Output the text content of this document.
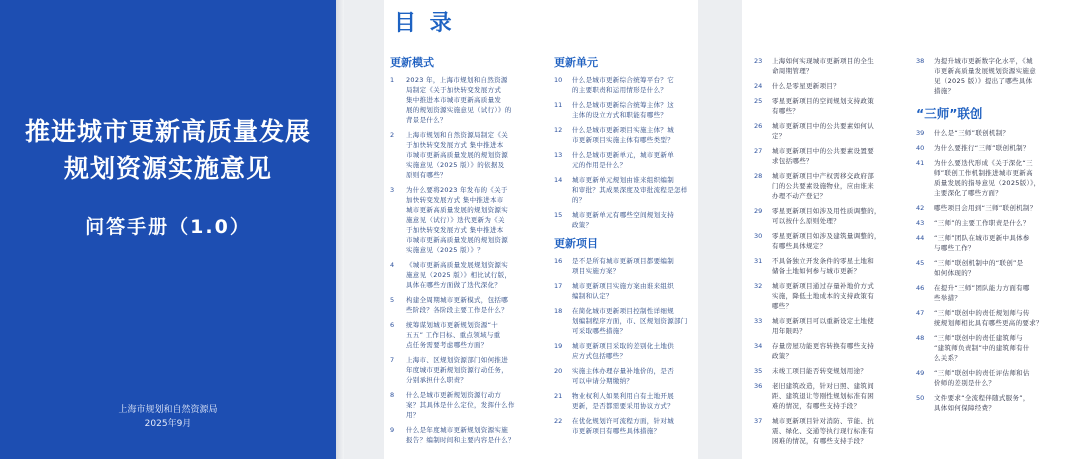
推进城市更新高质量发展
规划资源实施意见
问答手册（1.0）
上海市规划和自然资源局
2025年9月
目 录
更新模式
1	2023 年，上海市规划和自然资源
局制定《关于加快转变发展方式
集中推进本市城市更新高质量发
展的规划资源实施意见（试行）》的
背景是什么？
2	上海市规划和自然资源局制定《关
于加快转变发展方式 集中推进本
市城市更新高质量发展的规划资源
实施意见（2025 版）》的依据及
原则有哪些？
3	为什么要将2023 年发布的《关于
加快转变发展方式 集中推进本市
城市更新高质量发展的规划资源实
施意见（试行）》迭代更新为《关
于加快转变发展方式 集中推进本
市城市更新高质量发展的规划资源
实施意见（2025 版）》？
4	《城市更新高质量发展规划资源实
施意见（2025 版）》相比试行版，
具体在哪些方面做了迭代深化？
5	构建全周期城市更新模式，包括哪
些阶段？各阶段主要工作是什么？
6	统筹谋划城市更新规划资源“十
五五” 工作目标、重点领域与重
点任务需要考虑哪些方面？
7	上海市、区规划资源部门如何推进
年度城市更新规划资源行动任务，
分别承担什么职责？
8	什么是城市更新规划资源行动方
案？其具体是什么定位，发挥什么作
用？
9	什么是年度城市更新规划资源实施
报告？编制时间和主要内容是什么？
更新单元
10	什么是城市更新综合统筹平台？它
的主要职责和运用情形是什么？
11	什么是城市更新综合统筹主体？这
主体的设立方式和职能有哪些？
12	什么是城市更新项目实施主体？城
市更新项目实施主体有哪些类型？
13	什么是城市更新单元，城市更新单
元的作用是什么？
14	城市更新单元规划由谁来组织编制
和审批？其成果深度及审批流程是怎样的？
15	城市更新单元有哪些空间规划支持
政策？
更新项目
16	是不是所有城市更新项目都要编制
项目实施方案？
17	城市更新项目实施方案由谁来组织
编制和认定？
18	在简化城市更新项目控制性详细规
划编制程序方面，市、区规划资源部门
可采取哪些措施？
19	城市更新项目采取的差别化土地供
应方式包括哪些？
20	实施主体办理存量补地价的，是否
可以申请分期缴纳？
21	物业权利人如果利用自有土地开展
更新，是否都需要采用协议方式？
22	在优化规划许可流程方面，针对城
市更新项目有哪些具体措施？
23	上海如何实现城市更新项目的全生
命周期管理？
24	什么是零星更新项目？
25	零星更新项目的空间规划支持政策
有哪些？
26	城市更新项目中的公共要素如何认
定？
27	城市更新项目中的公共要素设置要
求包括哪些？
28	城市更新项目中产权需移交政府部
门的公共要素设施物业，应由谁来
办理不动产登记？
29	零星更新项目如涉及用性质调整的，
可以按什么原则处理？
30	零星更新项目如涉及建筑量调整的，
有哪些具体规定？
31	不具备独立开发条件的零星土地和
储备土地如何参与城市更新？
32	城市更新项目通过存量补地价方式
实施，降低土地成本的支持政策有
哪些？
33	城市更新项目可以重新设定土地使
用年限吗？
34	存量房屋功能更容转换有哪些支持
政策？
35	未竣工项目能否转变规划用途？
36	老旧建筑改造，针对日照、建筑间
距、建筑退让等刚性规划标准有困
难的情况，有哪些支持手段？
37	城市更新项目针对消防、节能、抗
震、绿化、交通等执行现行标准有
困难的情况，有哪些支持手段？
38	为提升城市更新数字化水平，《城
市更新高质量发展规划资源实施意
见（2025 版）》提出了哪些具体
措施？
“三师”联创
39	什么是“三师”联创机制？
40	为什么要推行“三师”联创机制？
41	为什么要迭代形成《关于深化“三
师”联创工作机制推进城市更新高
质量发展的指导意见（2025版）》，
主要深化了哪些方面？
42	哪些项目会用到“三师”联创机制？
43	“三师”的主要工作职责是什么？
44	“三师”团队在城市更新中具体参
与哪些工作？
45	“三师”联创机制中的“联创”是
如何体现的？
46	在提升“三师”团队能力方面有哪
些举措？
47	“三师”联创中的责任规划师与传
统规划师相比具有哪些更高的要求？
48	“三师”联创中的责任建筑师与
“建筑师负责制”中的建筑师有什
么关系？
49	“三师”联创中的责任评估师和估
价师的差别是什么？
50	文件要求“全流程伴随式服务”，
具体如何保障经费？
